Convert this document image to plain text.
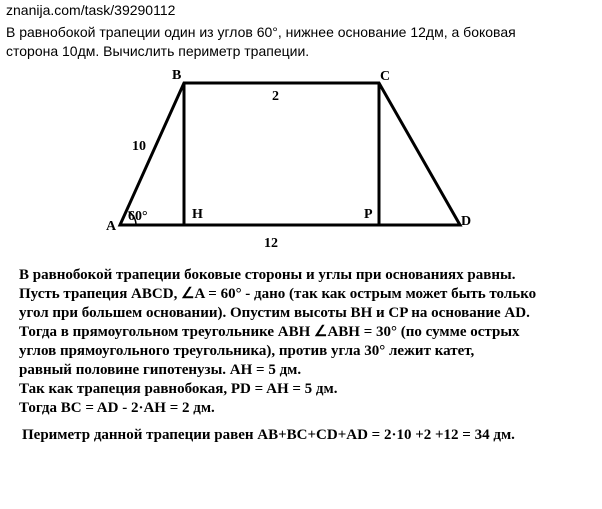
znanija.com/task/39290112
В равнобокой трапеции один из углов 60°, нижнее основание 12дм, а боковая
сторона 10дм. Вычислить периметр трапеции.
A
B	C
D
H	P
10
2
12
60°
В равнобокой трапеции боковые стороны и углы при основаниях равны.
Пусть трапеция ABCD, ∠A = 60° - дано (так как острым может быть только
угол при большем основании). Опустим высоты BH и CP на основание AD.
Тогда в прямоугольном треугольнике ABH ∠ABH = 30° (по сумме острых
углов прямоугольного треугольника), против угла 30° лежит катет,
равный половине гипотенузы. AH = 5 дм.
Так как трапеция равнобокая, PD = AH = 5 дм.
Тогда BC = AD - 2·AH = 2 дм.
Периметр данной трапеции равен AB+BC+CD+AD = 2·10 +2 +12 = 34 дм.
